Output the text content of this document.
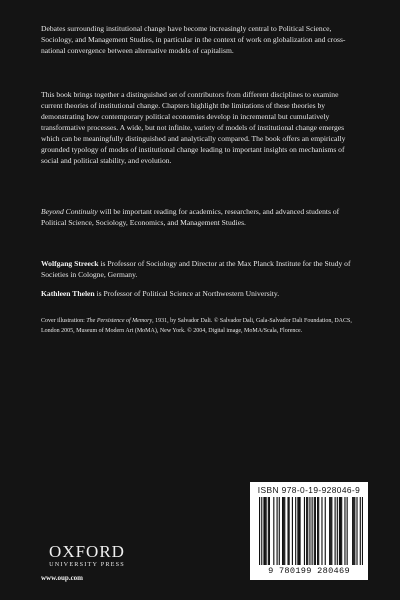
Debates surrounding institutional change have become increasingly central to Political Science, Sociology, and Management Studies, in particular in the context of work on globalization and cross-national convergence between alternative models of capitalism.

This book brings together a distinguished set of contributors from different disciplines to examine current theories of institutional change. Chapters highlight the limitations of these theories by demonstrating how contemporary political economies develop in incremental but cumulatively transformative processes. A wide, but not infinite, variety of models of institutional change emerges which can be meaningfully distinguished and analytically compared. The book offers an empirically grounded typology of modes of institutional change leading to important insights on mechanisms of social and political stability, and evolution.

Beyond Continuity will be important reading for academics, researchers, and advanced students of Political Science, Sociology, Economics, and Management Studies.

Wolfgang Streeck is Professor of Sociology and Director at the Max Planck Institute for the Study of Societies in Cologne, Germany.

Kathleen Thelen is Professor of Political Science at Northwestern University.

Cover illustration: The Persistence of Memory, 1931, by Salvador Dali. © Salvador Dali, Gala-Salvador Dali Foundation, DACS, London 2005, Museum of Modern Art (MoMA), New York. © 2004, Digital image, MoMA/Scala, Florence.

OXFORD
UNIVERSITY PRESS
www.oup.com
ISBN 978-0-19-928046-9
9 780199 280469
